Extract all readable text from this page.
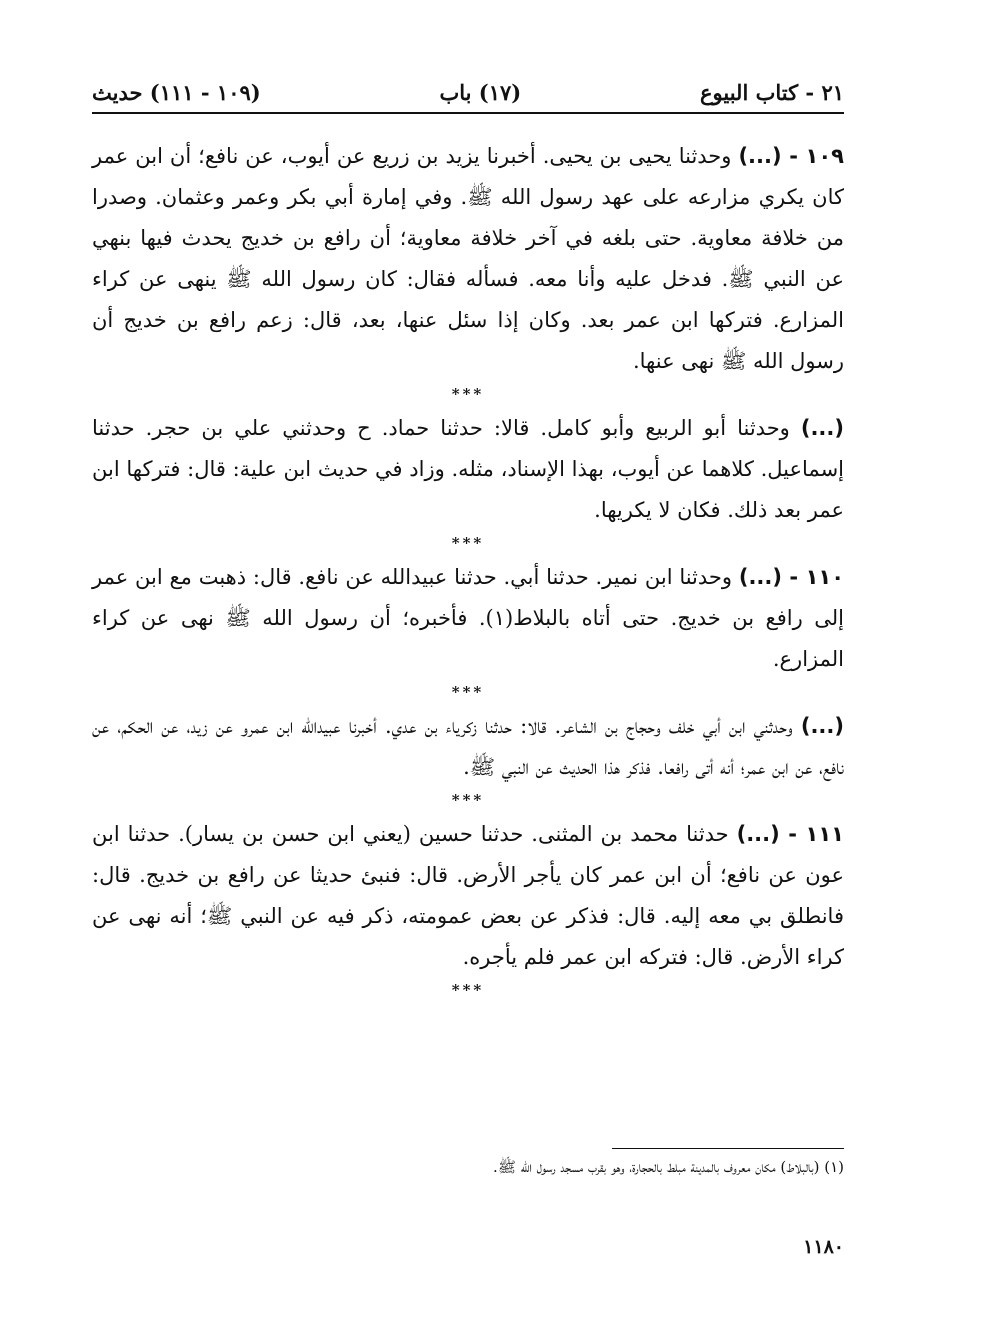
٢١ - كتاب البيوع
(١٧) باب
(١٠٩ - ١١١) حديث

١٠٩ - (...) وحدثنا يحيى بن يحيى. أخبرنا يزيد بن زريع عن أيوب، عن نافع؛ أن ابن عمر كان يكري مزارعه على عهد رسول الله ﷺ. وفي إمارة أبي بكر وعمر وعثمان. وصدرا من خلافة معاوية. حتى بلغه في آخر خلافة معاوية؛ أن رافع بن خديج يحدث فيها بنهي عن النبي ﷺ. فدخل عليه وأنا معه. فسأله فقال: كان رسول الله ﷺ ينهى عن كراء المزارع. فتركها ابن عمر بعد. وكان إذا سئل عنها، بعد، قال: زعم رافع بن خديج أن رسول الله ﷺ نهى عنها.

***

(...) وحدثنا أبو الربيع وأبو كامل. قالا: حدثنا حماد. ح وحدثني علي بن حجر. حدثنا إسماعيل. كلاهما عن أيوب، بهذا الإسناد، مثله. وزاد في حديث ابن علية: قال: فتركها ابن عمر بعد ذلك. فكان لا يكريها.

***

١١٠ - (...) وحدثنا ابن نمير. حدثنا أبي. حدثنا عبيدالله عن نافع. قال: ذهبت مع ابن عمر إلى رافع بن خديج. حتى أتاه بالبلاط(١). فأخبره؛ أن رسول الله ﷺ نهى عن كراء المزارع.

***

(...) وحدثني ابن أبي خلف وحجاج بن الشاعر. قالا: حدثنا زكرياء بن عدي. أخبرنا عبيدالله ابن عمرو عن زيد، عن الحكم، عن نافع، عن ابن عمر؛ أنه أتى رافعا. فذكر هذا الحديث عن النبي ﷺ.

***

١١١ - (...) حدثنا محمد بن المثنى. حدثنا حسين (يعني ابن حسن بن يسار). حدثنا ابن عون عن نافع؛ أن ابن عمر كان يأجر الأرض. قال: فنبئ حديثا عن رافع بن خديج. قال: فانطلق بي معه إليه. قال: فذكر عن بعض عمومته، ذكر فيه عن النبي ﷺ؛ أنه نهى عن كراء الأرض. قال: فتركه ابن عمر فلم يأجره.

***
(١) (بالبلاط) مكان معروف بالمدينة مبلط بالحجارة، وهو بقرب مسجد رسول الله ﷺ.
١١٨٠
